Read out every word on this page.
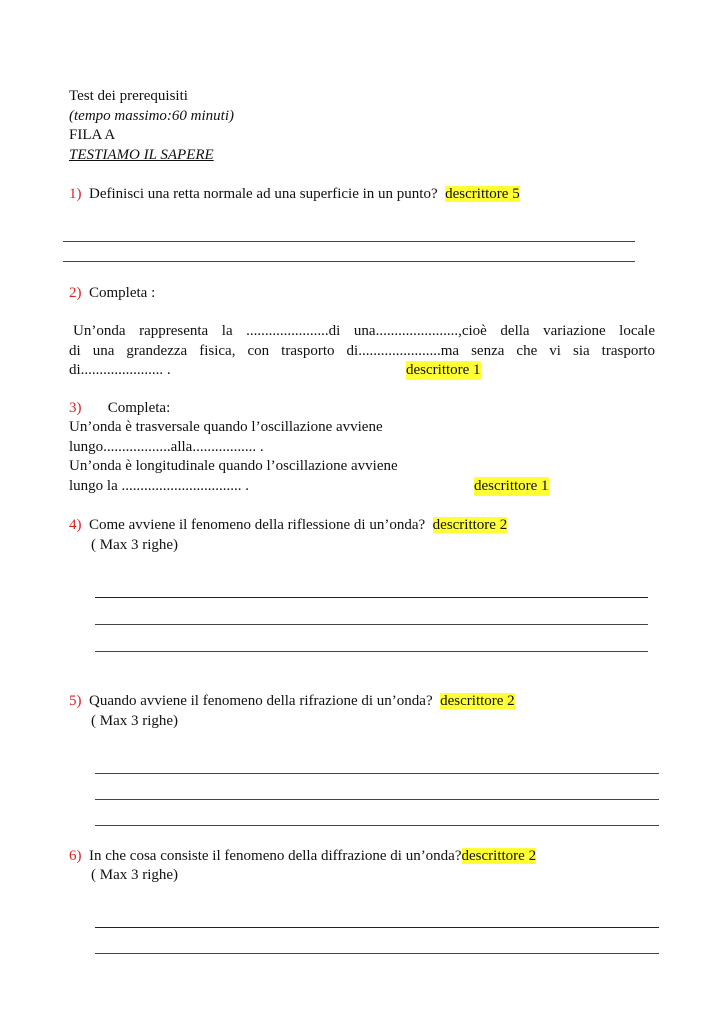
Test dei prerequisiti
(tempo massimo:60 minuti)
FILA A
TESTIAMO IL SAPERE
1) Definisci una retta normale ad una superficie in un punto? descrittore 5
2) Completa :
Un’onda rappresenta la ......................di una......................,cioè della variazione locale
di una grandezza fisica, con trasporto di......................ma senza che vi sia trasporto
di...................... .	descrittore 1
3) Completa:
Un’onda è trasversale quando l’oscillazione avviene
lungo..................alla................. .
Un’onda è longitudinale quando l’oscillazione avviene
lungo la ................................ .	descrittore 1
4) Come avviene il fenomeno della riflessione di un’onda? descrittore 2
( Max 3 righe)
5) Quando avviene il fenomeno della rifrazione di un’onda? descrittore 2
( Max 3 righe)
6) In che cosa consiste il fenomeno della diffrazione di un’onda?descrittore 2
( Max 3 righe)
